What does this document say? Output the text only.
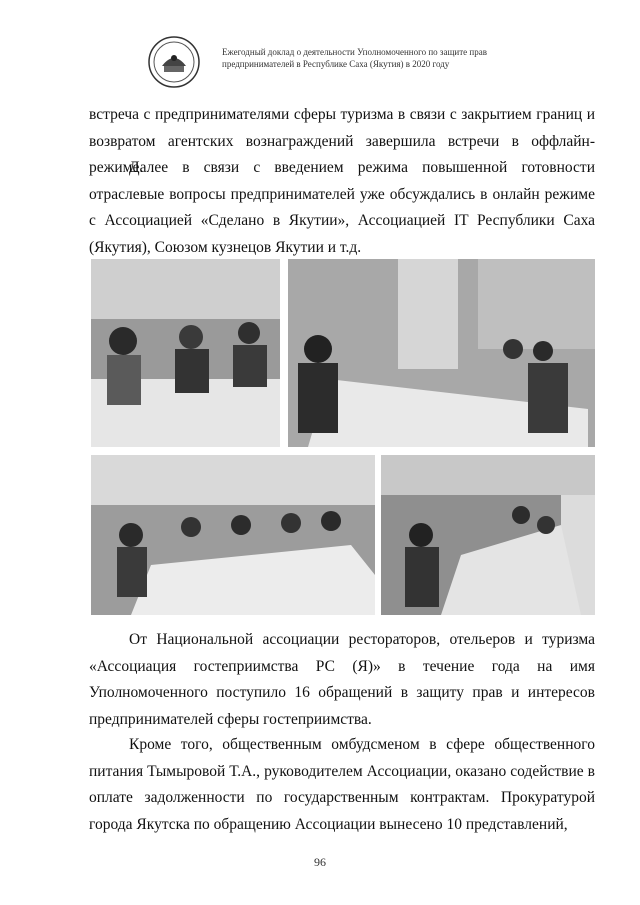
Ежегодный доклад о деятельности Уполномоченного по защите прав
предпринимателей в Республике Саха (Якутия) в 2020 году
встреча с предпринимателями сферы туризма в связи с закрытием границ и возвратом агентских вознаграждений завершила встречи в оффлайн-режиме.
Далее в связи с введением режима повышенной готовности отраслевые вопросы предпринимателей уже обсуждались в онлайн режиме с Ассоциацией «Сделано в Якутии», Ассоциацией IT Республики Саха (Якутия), Союзом кузнецов Якутии и т.д.
От Национальной ассоциации рестораторов, отельеров и туризма «Ассоциация гостеприимства РС (Я)» в течение года на имя Уполномоченного поступило 16 обращений в защиту прав и интересов предпринимателей сферы гостеприимства.
Кроме того, общественным омбудсменом в сфере общественного питания Тымыровой Т.А., руководителем Ассоциации, оказано содействие в оплате задолженности по государственным контрактам. Прокуратурой города Якутска по обращению Ассоциации вынесено 10 представлений,
96
